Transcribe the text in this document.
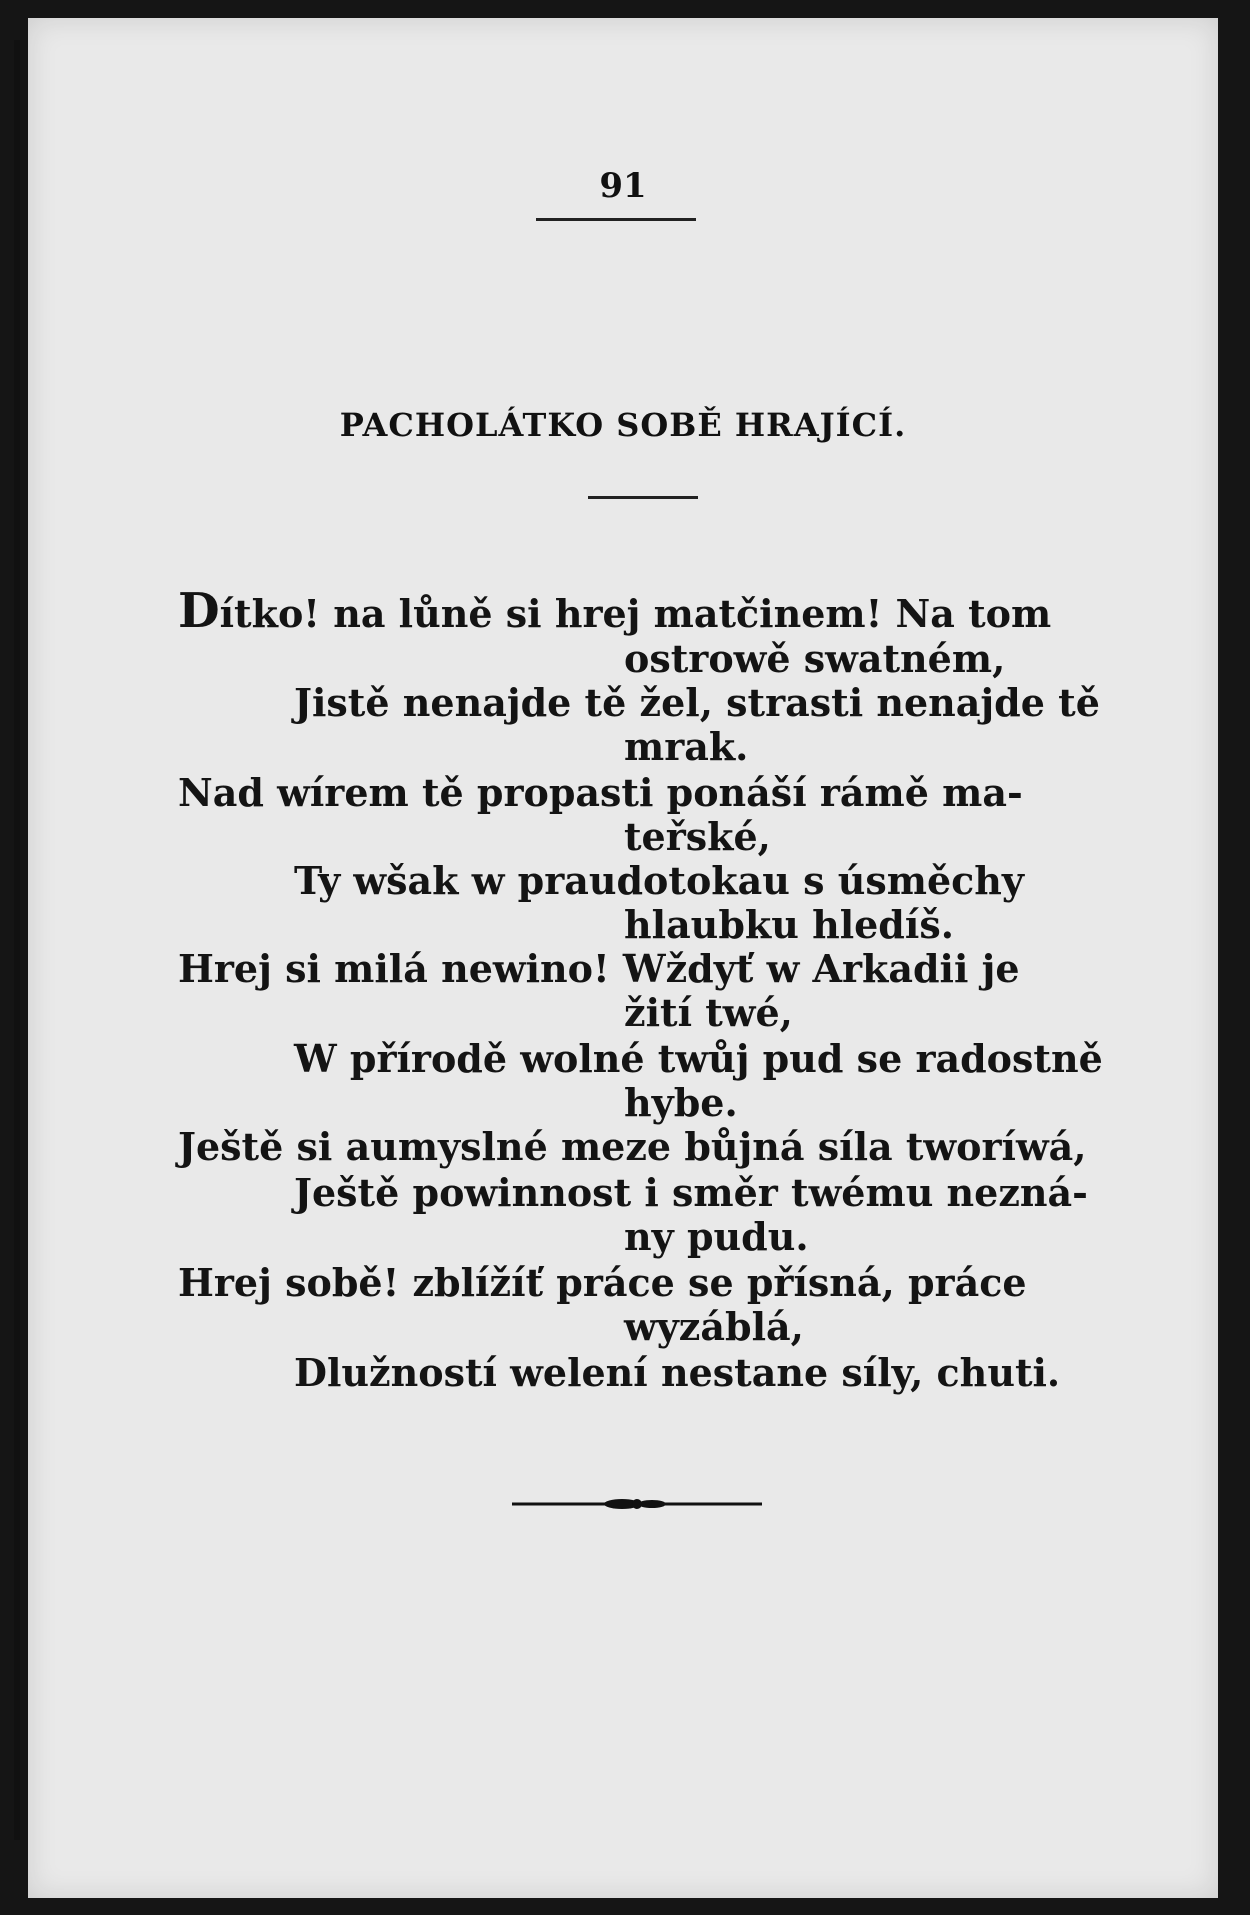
91
PACHOLÁTKO SOBĚ HRAJÍCÍ.
Dítko! na lůně si hrej matčinem! Na tom
ostrowě swatném,
Jistě nenajde tě žel, strasti nenajde tě
mrak.
Nad wírem tě propasti ponáší rámě ma-
teřské,
Ty wšak w praudotokau s úsměchy
hlaubku hledíš.
Hrej si milá newino! Wždyť w Arkadii je
žití twé,
W přírodě wolné twůj pud se radostně
hybe.
Ještě si aumyslné meze bůjná síla tworíwá,
Ještě powinnost i směr twému nezná-
ny pudu.
Hrej sobě! zblížíť práce se přísná, práce
wyzáblá,
Dlužností welení nestane síly, chuti.
